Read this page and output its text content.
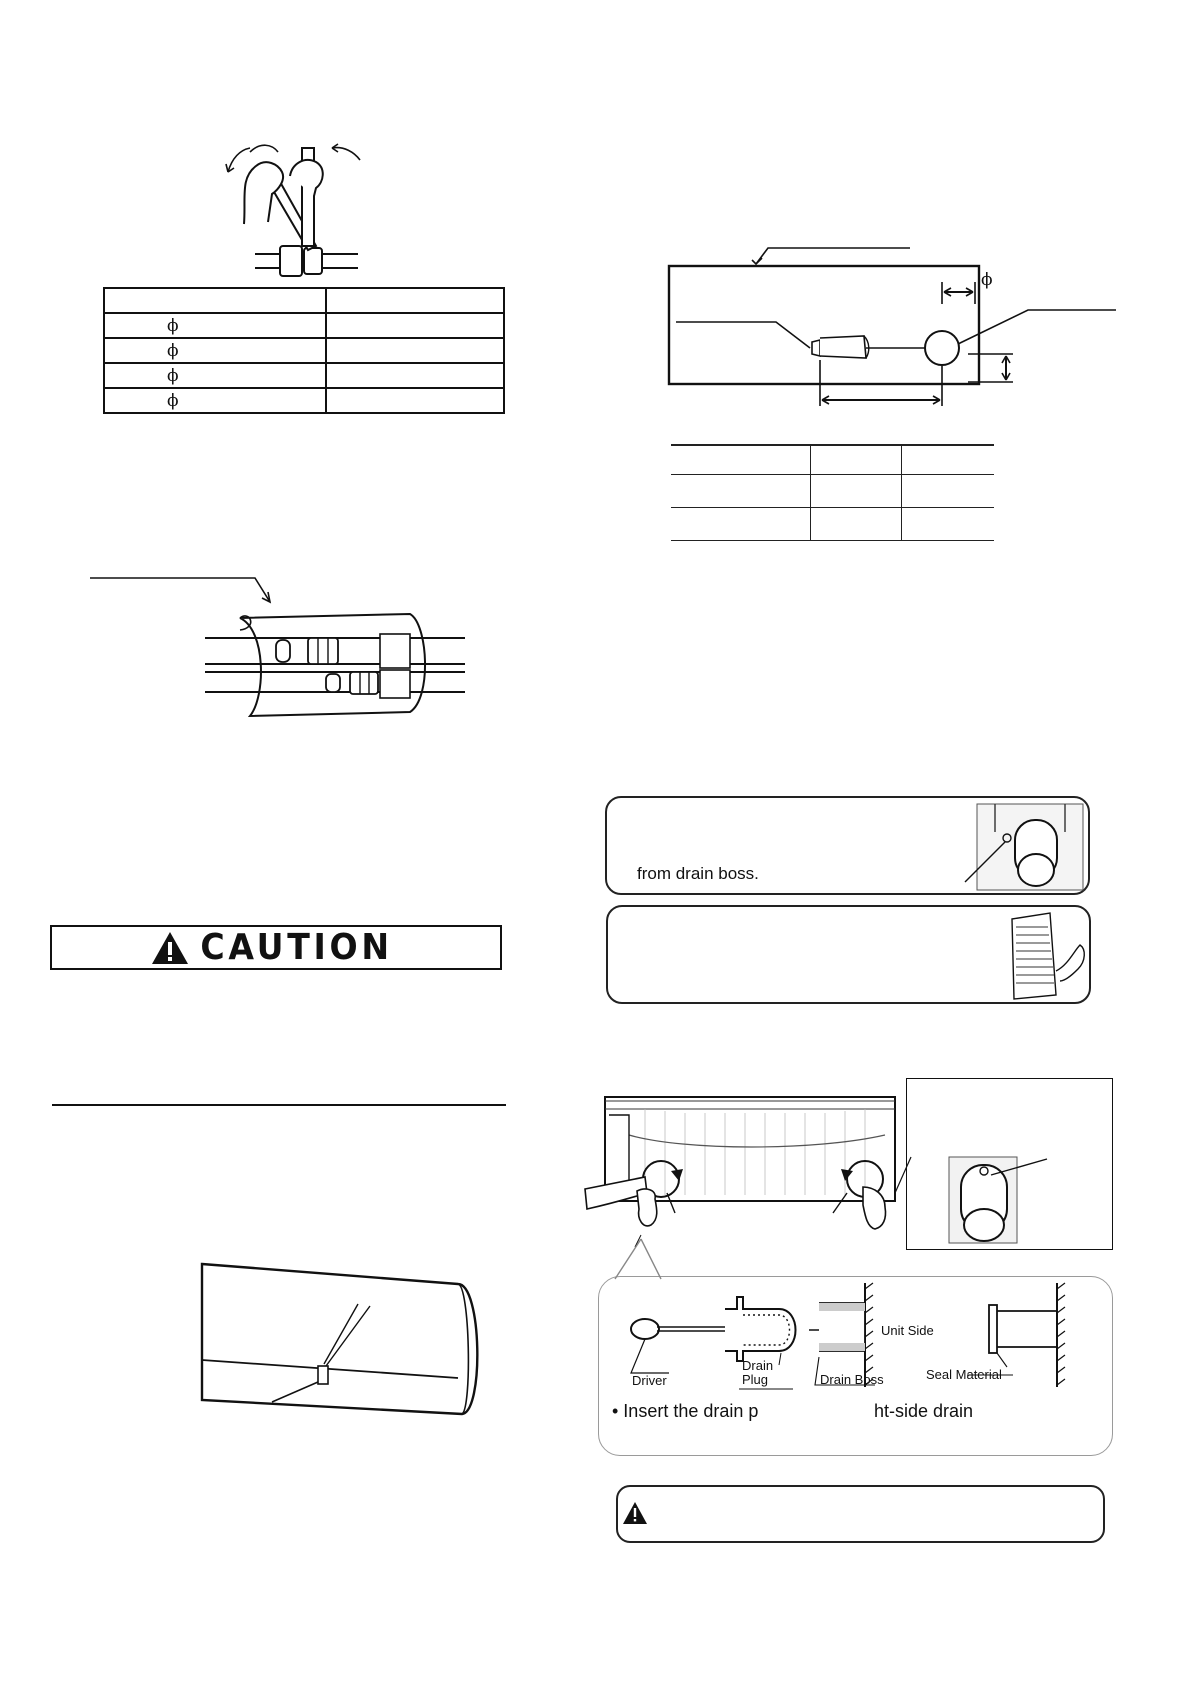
ϕ	
ϕ	
ϕ	
ϕ	
CAUTION
ϕ

from drain boss.
Driver
Drain
Plug
Unit Side
Drain Boss	Seal Material
• Insert the drain p	ht-side drain
